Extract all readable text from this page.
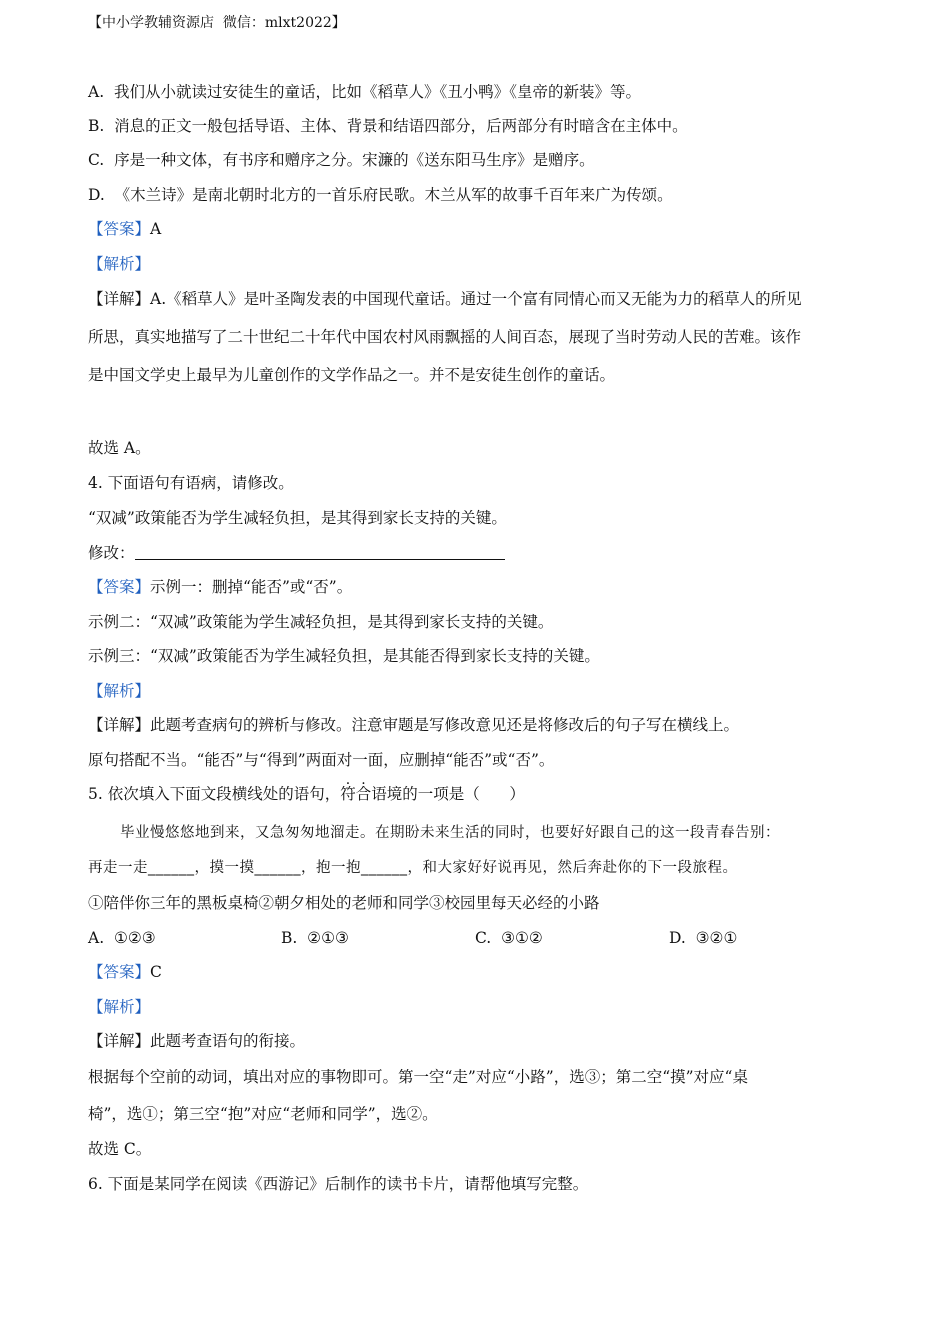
【中小学教辅资源店  微信：mlxt2022】
A.  我们从小就读过安徒生的童话，比如《稻草人》《丑小鸭》《皇帝的新装》等。
B.  消息的正文一般包括导语、主体、背景和结语四部分，后两部分有时暗含在主体中。
C.  序是一种文体，有书序和赠序之分。宋濂的《送东阳马生序》是赠序。
D.  《木兰诗》是南北朝时北方的一首乐府民歌。木兰从军的故事千百年来广为传颂。
【答案】A
【解析】
【详解】A.《稻草人》是叶圣陶发表的中国现代童话。通过一个富有同情心而又无能为力的稻草人的所见
所思，真实地描写了二十世纪二十年代中国农村风雨飘摇的人间百态，展现了当时劳动人民的苦难。该作
是中国文学史上最早为儿童创作的文学作品之一。并不是安徒生创作的童话。
故选 A。
4. 下面语句有语病，请修改。
“双减”政策能否为学生减轻负担，是其得到家长支持的关键。
修改：
【答案】示例一：删掉“能否”或“否”。
示例二：“双减”政策能为学生减轻负担，是其得到家长支持的关键。
示例三：“双减”政策能否为学生减轻负担，是其能否得到家长支持的关键。
【解析】
【详解】此题考查病句的辨析与修改。注意审题是写修改意见还是将修改后的句子写在横线上。
原句搭配不当。“能否”与“得到”两面对一面，应删掉“能否”或“否”。
5. 依次填入下面文段横线处的语句，符合语境的一项是（      ）
毕业慢悠悠地到来，又急匆匆地溜走。在期盼未来生活的同时，也要好好跟自己的这一段青春告别：
再走一走______，摸一摸______，抱一抱______，和大家好好说再见，然后奔赴你的下一段旅程。
①陪伴你三年的黑板桌椅②朝夕相处的老师和同学③校园里每天必经的小路
A.  ①②③	B.  ②①③	C.  ③①②	D.  ③②①
【答案】C
【解析】
【详解】此题考查语句的衔接。
根据每个空前的动词，填出对应的事物即可。第一空“走”对应“小路”，选③；第二空“摸”对应“桌
椅”，选①；第三空“抱”对应“老师和同学”，选②。
故选 C。
6. 下面是某同学在阅读《西游记》后制作的读书卡片，请帮他填写完整。
